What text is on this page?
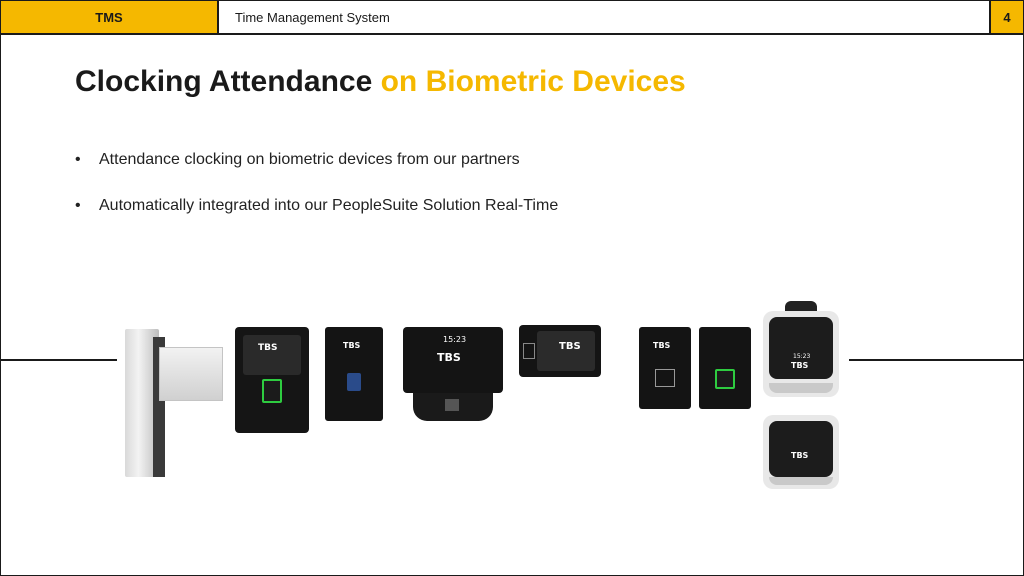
TMS	Time Management System	4
Clocking Attendance on Biometric Devices
•	Attendance clocking on biometric devices from our partners
•	Automatically integrated into our PeopleSuite Solution Real-Time
TBS	TBS
15:23
TBS
TBS	TBS
15:23
TBS
TBS
